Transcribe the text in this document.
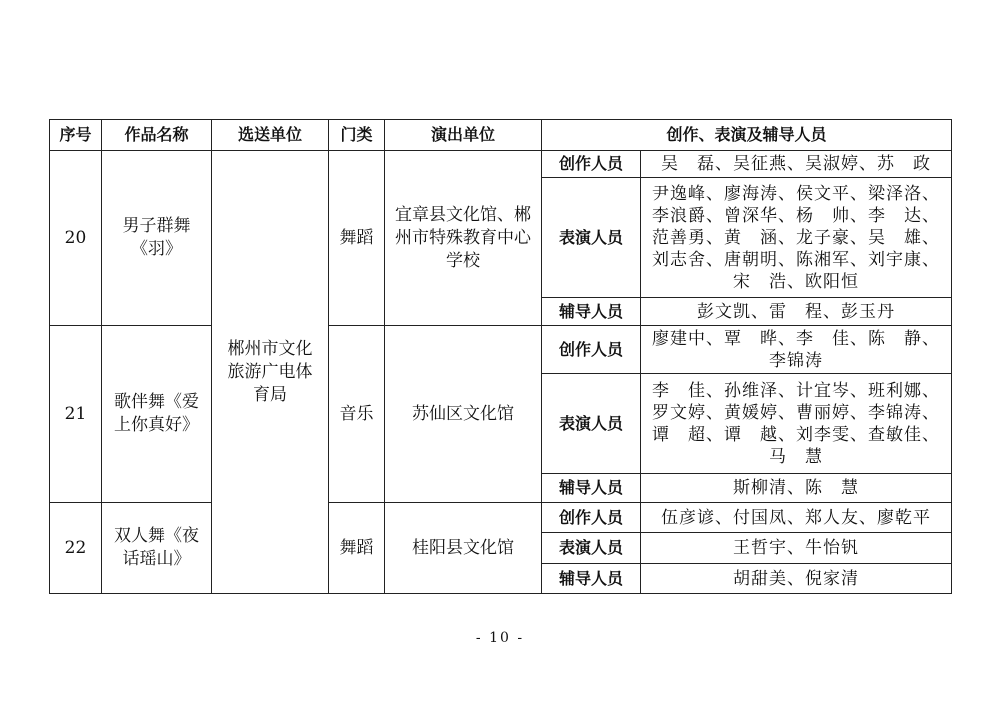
序号	作品名称	选送单位	门类	演出单位	创作、表演及辅导人员	
20	男子群舞《羽》	郴州市文化旅游广电体育局	舞蹈	宜章县文化馆、郴州市特殊教育中心学校	创作人员	吴　磊、吴征燕、吴淑婷、苏　政
					表演人员	尹逸峰、廖海涛、侯文平、梁泽洛、李浪爵、曾深华、杨　帅、李　达、范善勇、黄　涵、龙子豪、吴　雄、刘志舍、唐朝明、陈湘军、刘宇康、宋　浩、欧阳恒
					辅导人员	彭文凯、雷　程、彭玉丹
21	歌伴舞《爱上你真好》		音乐	苏仙区文化馆	创作人员	廖建中、覃　晔、李　佳、陈　静、李锦涛
					表演人员	李　佳、孙维泽、计宜岑、班利娜、罗文婷、黄媛婷、曹丽婷、李锦涛、谭　超、谭　越、刘李雯、查敏佳、马　慧
					辅导人员	斯柳清、陈　慧
22	双人舞《夜话瑶山》		舞蹈	桂阳县文化馆	创作人员	伍彦谚、付国凤、郑人友、廖乾平
					表演人员	王哲宇、牛怡钒
					辅导人员	胡甜美、倪家清
- 10 -
